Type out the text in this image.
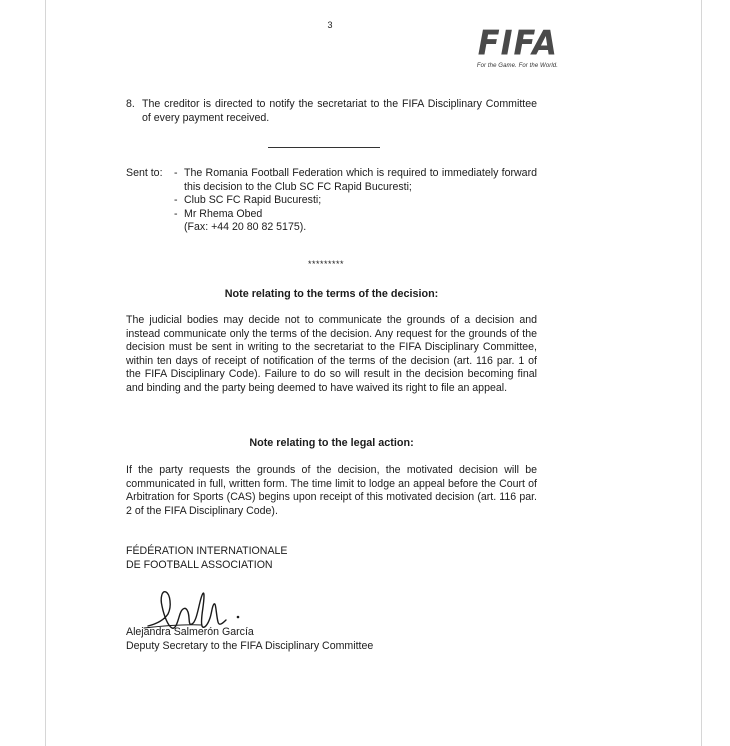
3	FIFA
For the Game. For the World.
8. The creditor is directed to notify the secretariat to the FIFA Disciplinary Committee of every payment received.
Sent to:
-	The Romania Football Federation which is required to immediately forward this decision to the Club SC FC Rapid Bucuresti;
- Club SC FC Rapid Bucuresti;
- Mr Rhema Obed
(Fax: +44 20 80 82 5175).
*********
Note relating to the terms of the decision:
The judicial bodies may decide not to communicate the grounds of a decision and instead communicate only the terms of the decision. Any request for the grounds of the decision must be sent in writing to the secretariat to the FIFA Disciplinary Committee, within ten days of receipt of notification of the terms of the decision (art. 116 par. 1 of the FIFA Disciplinary Code). Failure to do so will result in the decision becoming final and binding and the party being deemed to have waived its right to file an appeal.
Note relating to the legal action:
If the party requests the grounds of the decision, the motivated decision will be communicated in full, written form. The time limit to lodge an appeal before the Court of Arbitration for Sports (CAS) begins upon receipt of this motivated decision (art. 116 par. 2 of the FIFA Disciplinary Code).
FÉDÉRATION INTERNATIONALE
DE FOOTBALL ASSOCIATION
Alejandra Salmerón García
Deputy Secretary to the FIFA Disciplinary Committee
